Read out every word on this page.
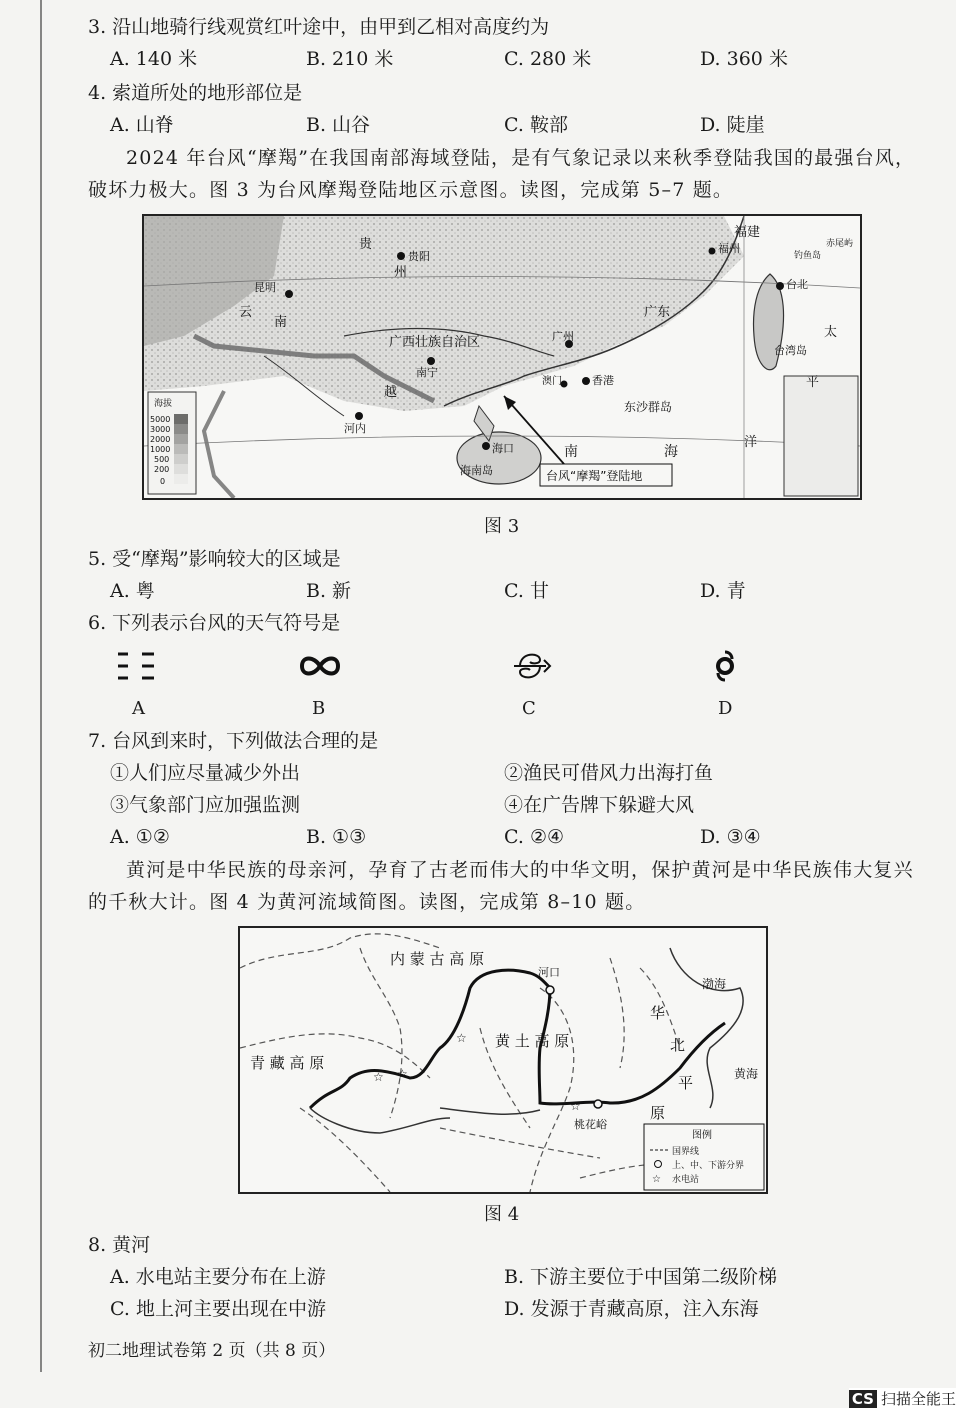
3. 沿山地骑行线观赏红叶途中，由甲到乙相对高度约为
A. 140 米	B. 210 米	C. 280 米	D. 360 米
4. 索道所处的地形部位是
A. 山脊	B. 山谷	C. 鞍部	D. 陡崖
2024 年台风“摩羯”在我国南部海域登陆，是有气象记录以来秋季登陆我国的最强台风，破坏力极大。图 3 为台风摩羯登陆地区示意图。读图，完成第 5–7 题。
贵阳
昆明
南宁
广州
香港
澳门
海口
河内
台北
福州
贵
州
云
南
广西壮族自治区
福建
广东
越
东沙群岛
南	海
太
平
洋
台湾岛
钓鱼岛
赤尾屿
海南岛
海拔
5000
3000
2000
1000
500
200
0	台风“摩羯”登陆地
图 3
5. 受“摩羯”影响较大的区域是
A. 粤	B. 新	C. 甘	D. 青
6. 下列表示台风的天气符号是
A	B	C	D
7. 台风到来时，下列做法合理的是
①人们应尽量减少外出	②渔民可借风力出海打鱼
③气象部门应加强监测	④在广告牌下躲避大风
A. ①②	B. ①③	C. ②④	D. ③④
黄河是中华民族的母亲河，孕育了古老而伟大的中华文明，保护黄河是中华民族伟大复兴的千秋大计。图 4 为黄河流域简图。读图，完成第 8–10 题。
☆ ☆
☆
☆
内 蒙 古 高 原
河口
黄 土 高 原
青 藏 高 原
华
北
平
原
渤海
黄海
桃花峪
图例
国界线
上、中、下游分界
☆ 水电站
图 4
8. 黄河
A. 水电站主要分布在上游	B. 下游主要位于中国第二级阶梯
C. 地上河主要出现在中游	D. 发源于青藏高原，注入东海
初二地理试卷第 2 页（共 8 页）
CS 扫描全能王
